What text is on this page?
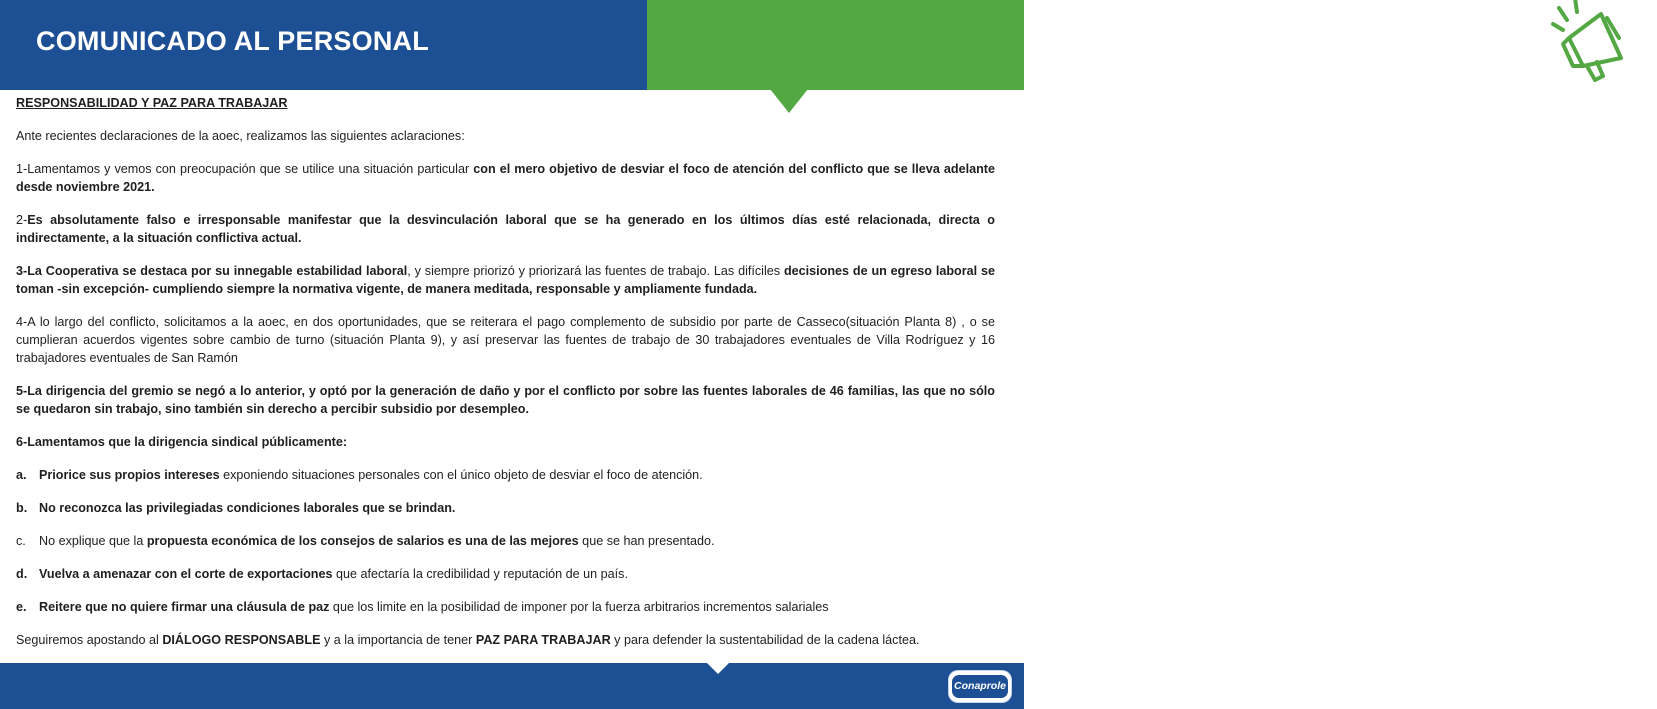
COMUNICADO AL PERSONAL	COMUNICADO
INTERNO

RESPONSABILIDAD Y PAZ PARA TRABAJAR

Ante recientes declaraciones de la aoec, realizamos las siguientes aclaraciones:

1-Lamentamos y vemos con preocupación que se utilice una situación particular con el mero objetivo de desviar el foco de atención del conflicto que se lleva adelante desde noviembre 2021.

2-Es absolutamente falso e irresponsable manifestar que la desvinculación laboral que se ha generado en los últimos días esté relacionada, directa o indirectamente, a la situación conflictiva actual.

3-La Cooperativa se destaca por su innegable estabilidad laboral, y siempre priorizó y priorizará las fuentes de trabajo. Las difíciles decisiones de un egreso laboral se toman -sin excepción- cumpliendo siempre la normativa vigente, de manera meditada, responsable y ampliamente fundada.

4-A lo largo del conflicto, solicitamos a la aoec, en dos oportunidades, que se reiterara el pago complemento de subsidio por parte de Casseco(situación Planta 8) , o se cumplieran acuerdos vigentes sobre cambio de turno (situación Planta 9), y así preservar las fuentes de trabajo de 30 trabajadores eventuales de Villa Rodríguez y 16 trabajadores eventuales de San Ramón

5-La dirigencia del gremio se negó a lo anterior, y optó por la generación de daño y por el conflicto por sobre las fuentes laborales de 46 familias, las que no sólo se quedaron sin trabajo, sino también sin derecho a percibir subsidio por desempleo.

6-Lamentamos que la dirigencia sindical públicamente:

a. Priorice sus propios intereses exponiendo situaciones personales con el único objeto de desviar el foco de atención.
b. No reconozca las privilegiadas condiciones laborales que se brindan.
c.	No explique que la propuesta económica de los consejos de salarios es una de las mejores que se han presentado.
d. Vuelva a amenazar con el corte de exportaciones que afectaría la credibilidad y reputación de un país.
e. Reitere que no quiere firmar una cláusula de paz que los limite en la posibilidad de imponer por la fuerza arbitrarios incrementos salariales

Seguiremos apostando al DIÁLOGO RESPONSABLE y a la importancia de tener PAZ PARA TRABAJAR y para defender la sustentabilidad de la cadena láctea.

Conaprole
